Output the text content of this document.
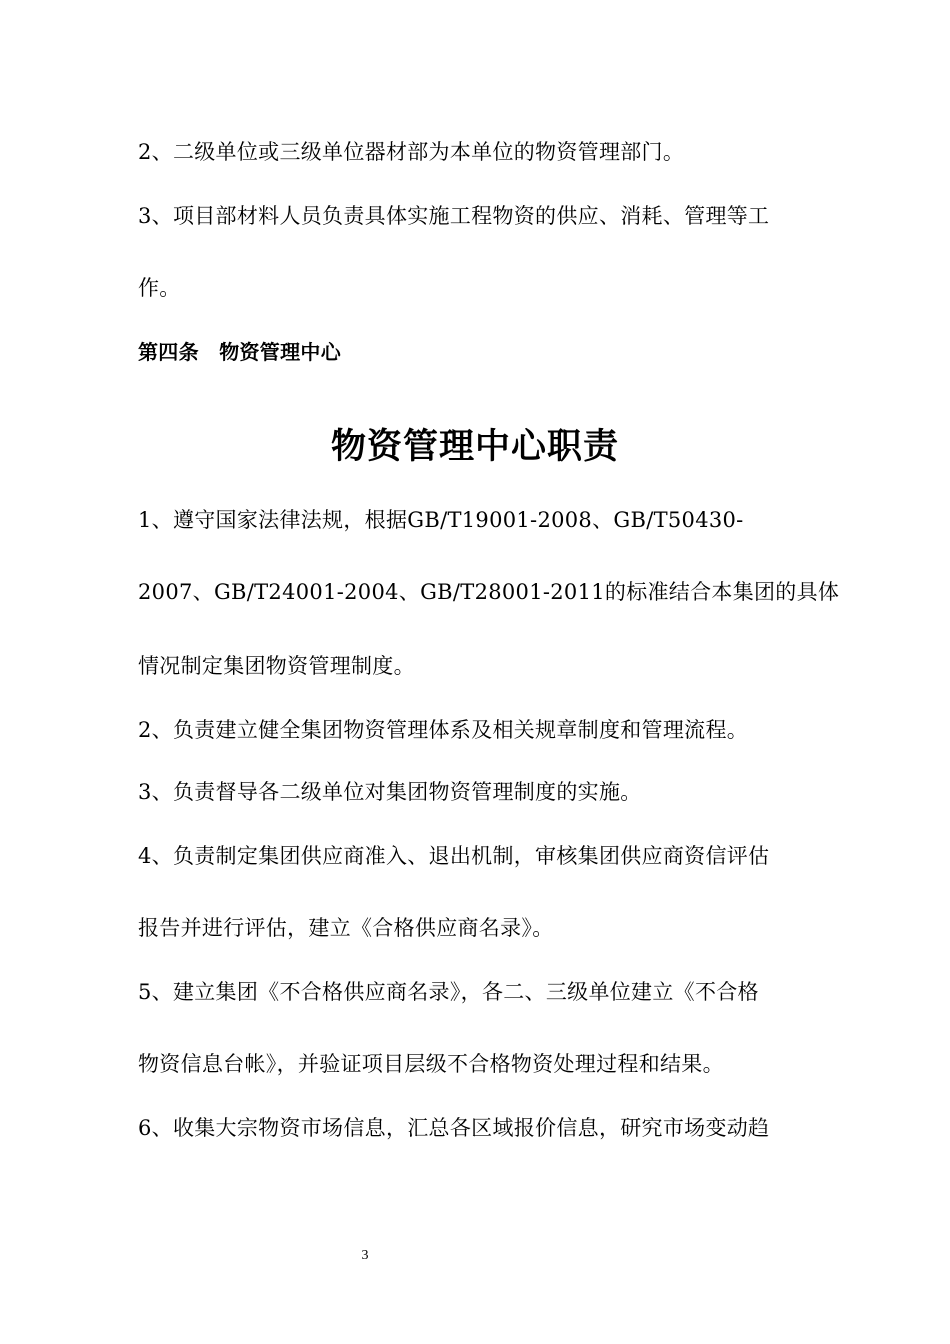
2、二级单位或三级单位器材部为本单位的物资管理部门。
3、项目部材料人员负责具体实施工程物资的供应、消耗、管理等工
作。
第四条　物资管理中心
物资管理中心职责
1、遵守国家法律法规，根据GB/T19001-2008、GB/T50430-
2007、GB/T24001-2004、GB/T28001-2011的标准结合本集团的具体
情况制定集团物资管理制度。
2、负责建立健全集团物资管理体系及相关规章制度和管理流程。
3、负责督导各二级单位对集团物资管理制度的实施。
4、负责制定集团供应商准入、退出机制，审核集团供应商资信评估
报告并进行评估，建立《合格供应商名录》。
5、建立集团《不合格供应商名录》，各二、三级单位建立《不合格
物资信息台帐》，并验证项目层级不合格物资处理过程和结果。
6、收集大宗物资市场信息，汇总各区域报价信息，研究市场变动趋
3
